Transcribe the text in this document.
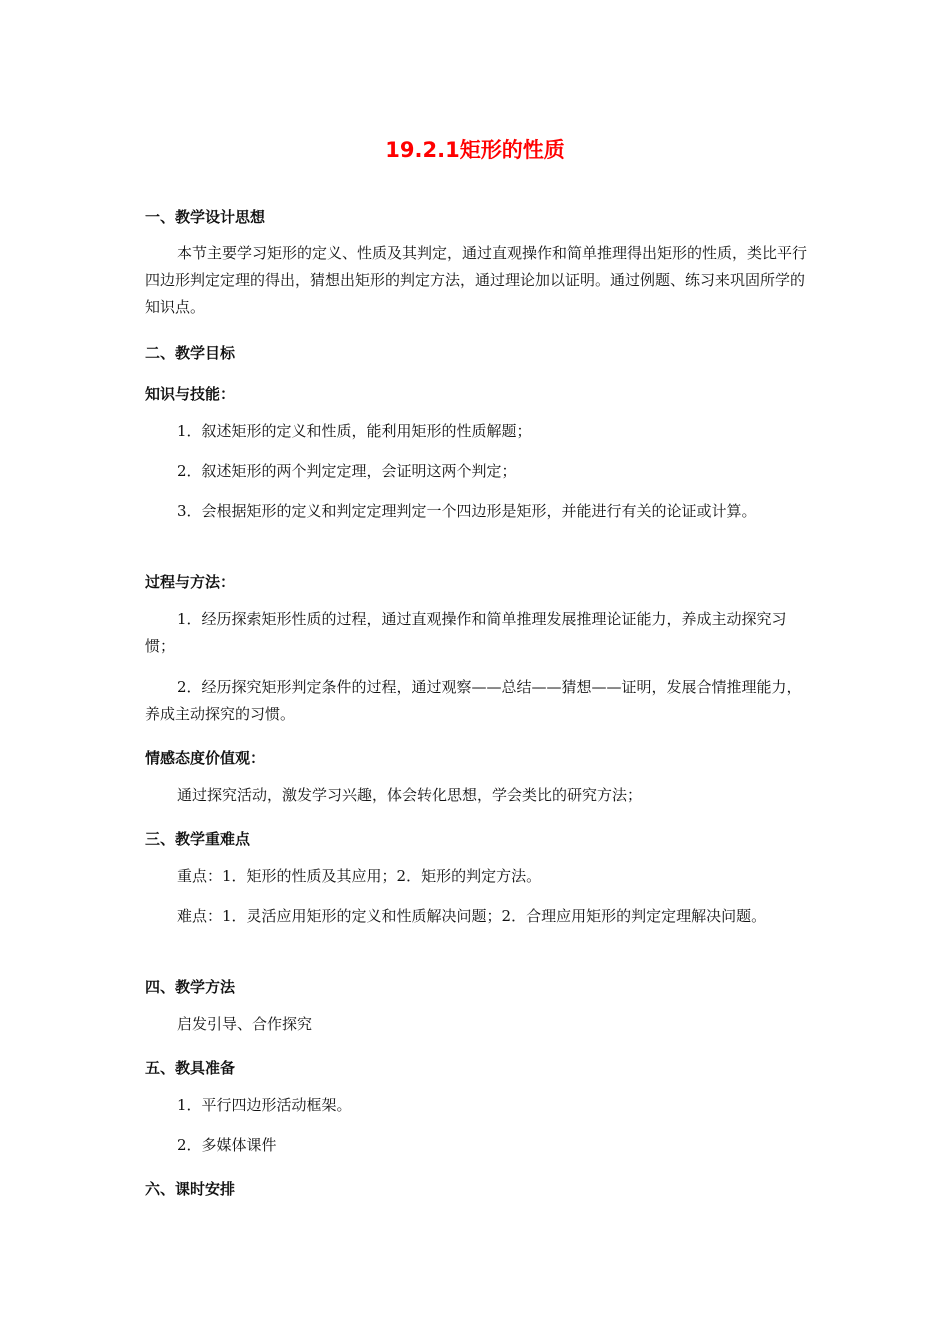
19.2.1矩形的性质
一、教学设计思想
本节主要学习矩形的定义、性质及其判定，通过直观操作和简单推理得出矩形的性质，类比平行四边形判定定理的得出，猜想出矩形的判定方法，通过理论加以证明。通过例题、练习来巩固所学的知识点。
二、教学目标
知识与技能：
1．叙述矩形的定义和性质，能利用矩形的性质解题；
2．叙述矩形的两个判定定理，会证明这两个判定；
3．会根据矩形的定义和判定定理判定一个四边形是矩形，并能进行有关的论证或计算。
过程与方法：
1．经历探索矩形性质的过程，通过直观操作和简单推理发展推理论证能力，养成主动探究习惯；
2．经历探究矩形判定条件的过程，通过观察——总结——猜想——证明，发展合情推理能力，养成主动探究的习惯。
情感态度价值观：
通过探究活动，激发学习兴趣，体会转化思想，学会类比的研究方法；
三、教学重难点
重点：1．矩形的性质及其应用；2．矩形的判定方法。
难点：1．灵活应用矩形的定义和性质解决问题；2．合理应用矩形的判定定理解决问题。
四、教学方法
启发引导、合作探究
五、教具准备
1．平行四边形活动框架。
2．多媒体课件
六、课时安排
